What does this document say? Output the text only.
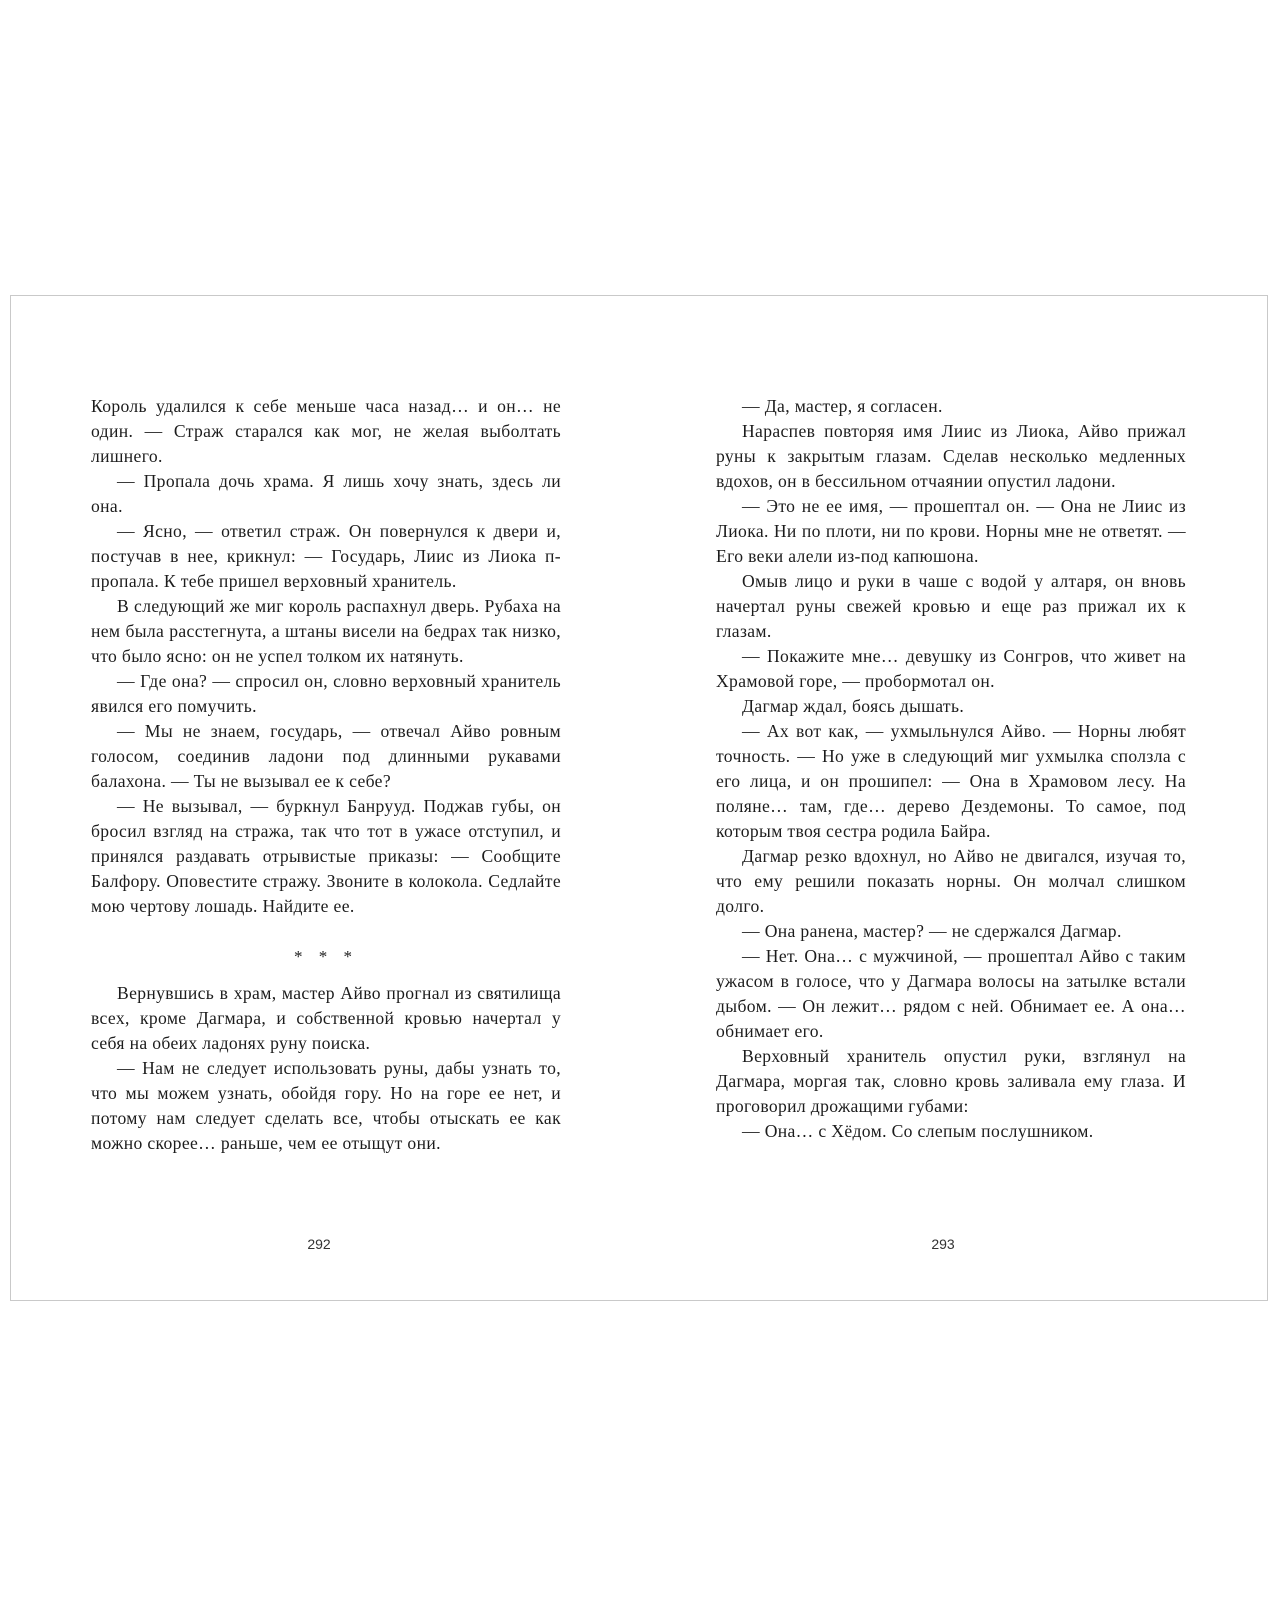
Король удалился к себе меньше часа назад… и он… не один. — Страж старался как мог, не желая выболтать лишнего.

— Пропала дочь храма. Я лишь хочу знать, здесь ли она.

— Ясно, — ответил страж. Он повернулся к двери и, постучав в нее, крикнул: — Государь, Лиис из Лиока п-пропала. К тебе пришел верховный хранитель.

В следующий же миг король распахнул дверь. Рубаха на нем была расстегнута, а штаны висели на бедрах так низко, что было ясно: он не успел толком их натянуть.

— Где она? — спросил он, словно верховный хранитель явился его помучить.

— Мы не знаем, государь, — отвечал Айво ровным голосом, соединив ладони под длинными рукавами балахона. — Ты не вызывал ее к себе?

— Не вызывал, — буркнул Банрууд. Поджав губы, он бросил взгляд на стража, так что тот в ужасе отступил, и принялся раздавать отрывистые приказы: — Сообщите Балфору. Оповестите стражу. Звоните в колокола. Седлайте мою чертову лошадь. Найдите ее.

* * *

Вернувшись в храм, мастер Айво прогнал из святилища всех, кроме Дагмара, и собственной кровью начертал у себя на обеих ладонях руну поиска.

— Нам не следует использовать руны, дабы узнать то, что мы можем узнать, обойдя гору. Но на горе ее нет, и потому нам следует сделать все, чтобы отыскать ее как можно скорее… раньше, чем ее отыщут они.

— Да, мастер, я согласен.

Нараспев повторяя имя Лиис из Лиока, Айво прижал руны к закрытым глазам. Сделав несколько медленных вдохов, он в бессильном отчаянии опустил ладони.

— Это не ее имя, — прошептал он. — Она не Лиис из Лиока. Ни по плоти, ни по крови. Норны мне не ответят. — Его веки алели из-под капюшона.

Омыв лицо и руки в чаше с водой у алтаря, он вновь начертал руны свежей кровью и еще раз прижал их к глазам.

— Покажите мне… девушку из Сонгров, что живет на Храмовой горе, — пробормотал он.

Дагмар ждал, боясь дышать.

— Ах вот как, — ухмыльнулся Айво. — Норны любят точность. — Но уже в следующий миг ухмылка сползла с его лица, и он прошипел: — Она в Храмовом лесу. На поляне… там, где… дерево Дездемоны. То самое, под которым твоя сестра родила Байра.

Дагмар резко вдохнул, но Айво не двигался, изучая то, что ему решили показать норны. Он молчал слишком долго.

— Она ранена, мастер? — не сдержался Дагмар.

— Нет. Она… с мужчиной, — прошептал Айво с таким ужасом в голосе, что у Дагмара волосы на затылке встали дыбом. — Он лежит… рядом с ней. Обнимает ее. А она… обнимает его.

Верховный хранитель опустил руки, взглянул на Дагмара, моргая так, словно кровь заливала ему глаза. И проговорил дрожащими губами:

— Она… с Хёдом. Со слепым послушником.

292	293
